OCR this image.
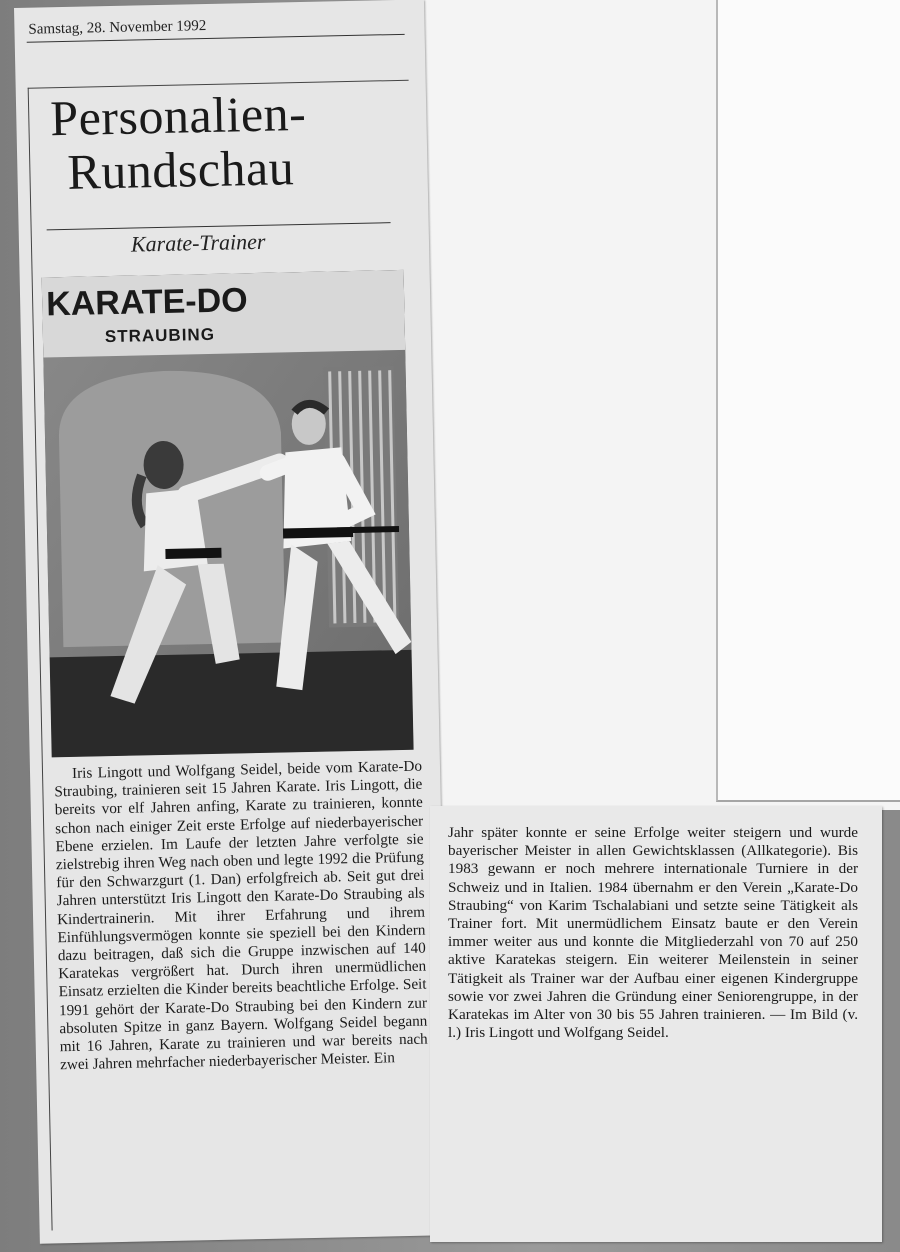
Samstag, 28. November 1992
Personalien-
Rundschau
Karate-Trainer
KARATE-DO
STRAUBING

Iris Lingott und Wolfgang Seidel, beide vom Karate-Do Straubing, trainieren seit 15 Jahren Karate. Iris Lingott, die bereits vor elf Jahren anfing, Karate zu trainieren, konnte schon nach einiger Zeit erste Erfolge auf niederbayerischer Ebene erzielen. Im Laufe der letzten Jahre verfolgte sie zielstrebig ihren Weg nach oben und legte 1992 die Prüfung für den Schwarzgurt (1. Dan) erfolgfreich ab. Seit gut drei Jahren unterstützt Iris Lingott den Karate-Do Straubing als Kindertrainerin. Mit ihrer Erfahrung und ihrem Einfühlungsvermögen konnte sie speziell bei den Kindern dazu beitragen, daß sich die Gruppe inzwischen auf 140 Karatekas vergrößert hat. Durch ihren unermüdlichen Einsatz erzielten die Kinder bereits beachtliche Erfolge. Seit 1991 gehört der Karate-Do Straubing bei den Kindern zur absoluten Spitze in ganz Bayern. Wolfgang Seidel begann mit 16 Jahren, Karate zu trainieren und war bereits nach zwei Jahren mehrfacher niederbayerischer Meister. Ein

Jahr später konnte er seine Erfolge weiter steigern und wurde bayerischer Meister in allen Gewichtsklassen (Allkategorie). Bis 1983 gewann er noch mehrere internationale Turniere in der Schweiz und in Italien. 1984 übernahm er den Verein „Karate-Do Straubing“ von Karim Tschalabiani und setzte seine Tätigkeit als Trainer fort. Mit unermüdlichem Einsatz baute er den Verein immer weiter aus und konnte die Mitgliederzahl von 70 auf 250 aktive Karatekas steigern. Ein weiterer Meilenstein in seiner Tätigkeit als Trainer war der Aufbau einer eigenen Kindergruppe sowie vor zwei Jahren die Gründung einer Seniorengruppe, in der Karatekas im Alter von 30 bis 55 Jahren trainieren. — Im Bild (v. l.) Iris Lingott und Wolfgang Seidel.
